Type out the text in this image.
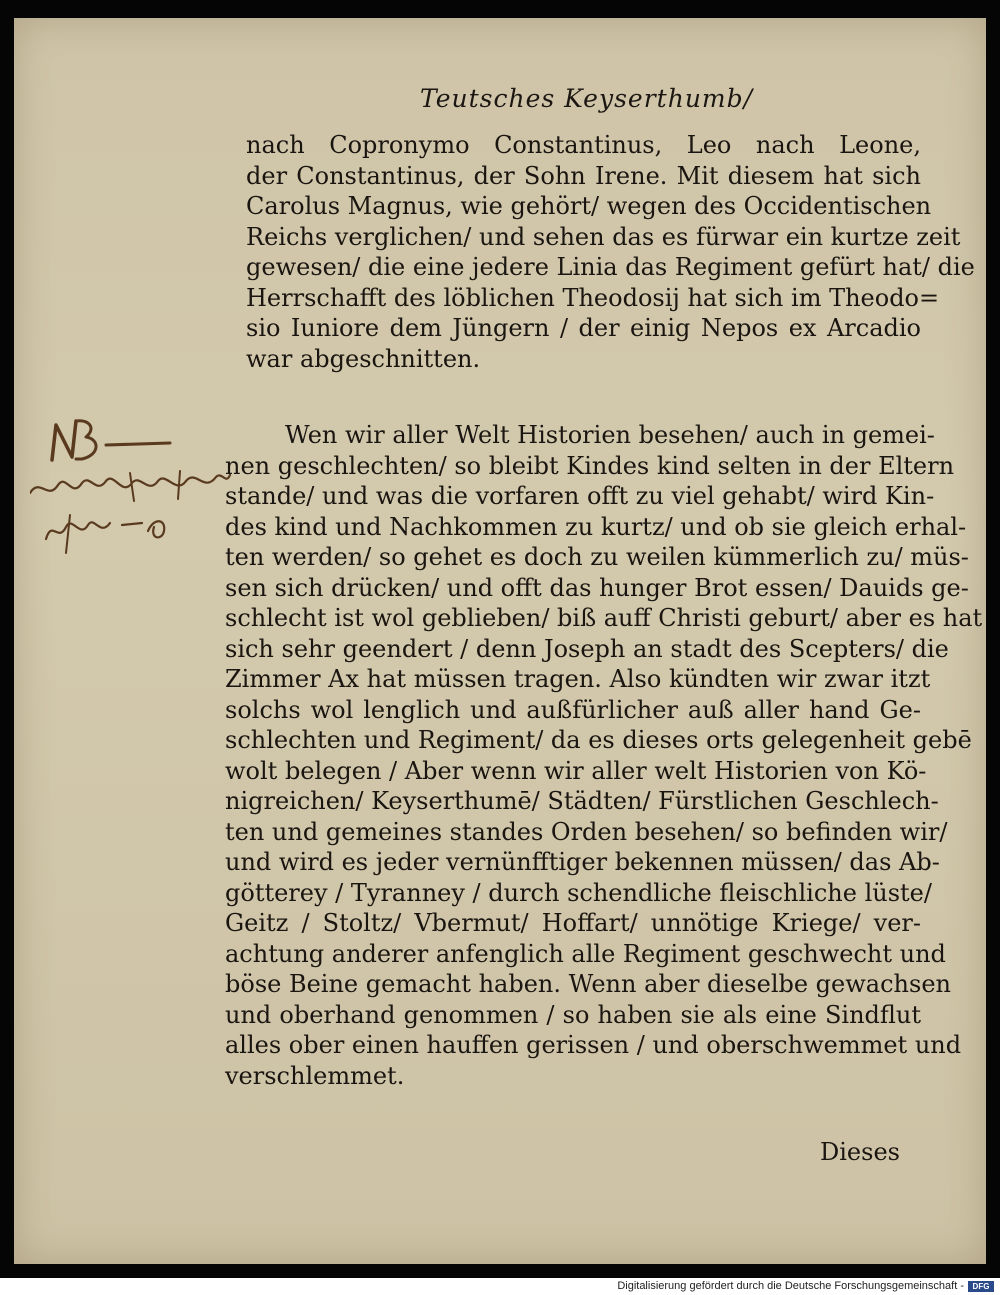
Teutsches Keyserthumb/
nach Copronymo Constantinus, Leo nach Leone,
der Constantinus, der Sohn Irene. Mit diesem hat sich
Carolus Magnus, wie gehört/ wegen des Occidentischen
Reichs verglichen/ und sehen das es fürwar ein kurtze zeit
gewesen/ die eine jedere Linia das Regiment gefürt hat/ die
Herrschafft des löblichen Theodosij hat sich im Theodo=
sio Iuniore dem Jüngern / der einig Nepos ex Arcadio
war abgeschnitten.
Wen wir aller Welt Historien besehen/ auch in gemei-
nen geschlechten/ so bleibt Kindes kind selten in der Eltern
stande/ und was die vorfaren offt zu viel gehabt/ wird Kin-
des kind und Nachkommen zu kurtz/ und ob sie gleich erhal-
ten werden/ so gehet es doch zu weilen kümmerlich zu/ müs-
sen sich drücken/ und offt das hunger Brot essen/ Dauids ge-
schlecht ist wol geblieben/ biß auff Christi geburt/ aber es hat
sich sehr geendert / denn Joseph an stadt des Scepters/ die
Zimmer Ax hat müssen tragen. Also kündten wir zwar itzt
solchs wol lenglich und außfürlicher auß aller hand Ge-
schlechten und Regiment/ da es dieses orts gelegenheit gebē
wolt belegen / Aber wenn wir aller welt Historien von Kö-
nigreichen/ Keyserthumē/ Städten/ Fürstlichen Geschlech-
ten und gemeines standes Orden besehen/ so befinden wir/
und wird es jeder vernünfftiger bekennen müssen/ das Ab-
götterey / Tyranney / durch schendliche fleischliche lüste/
Geitz / Stoltz/ Vbermut/ Hoffart/ unnötige Kriege/ ver-
achtung anderer anfenglich alle Regiment geschwecht und
böse Beine gemacht haben. Wenn aber dieselbe gewachsen
und oberhand genommen / so haben sie als eine Sindflut
alles ober einen hauffen gerissen / und oberschwemmet und
verschlemmet.
Dieses
Digitalisierung gefördert durch die Deutsche Forschungsgemeinschaft -	DFG
